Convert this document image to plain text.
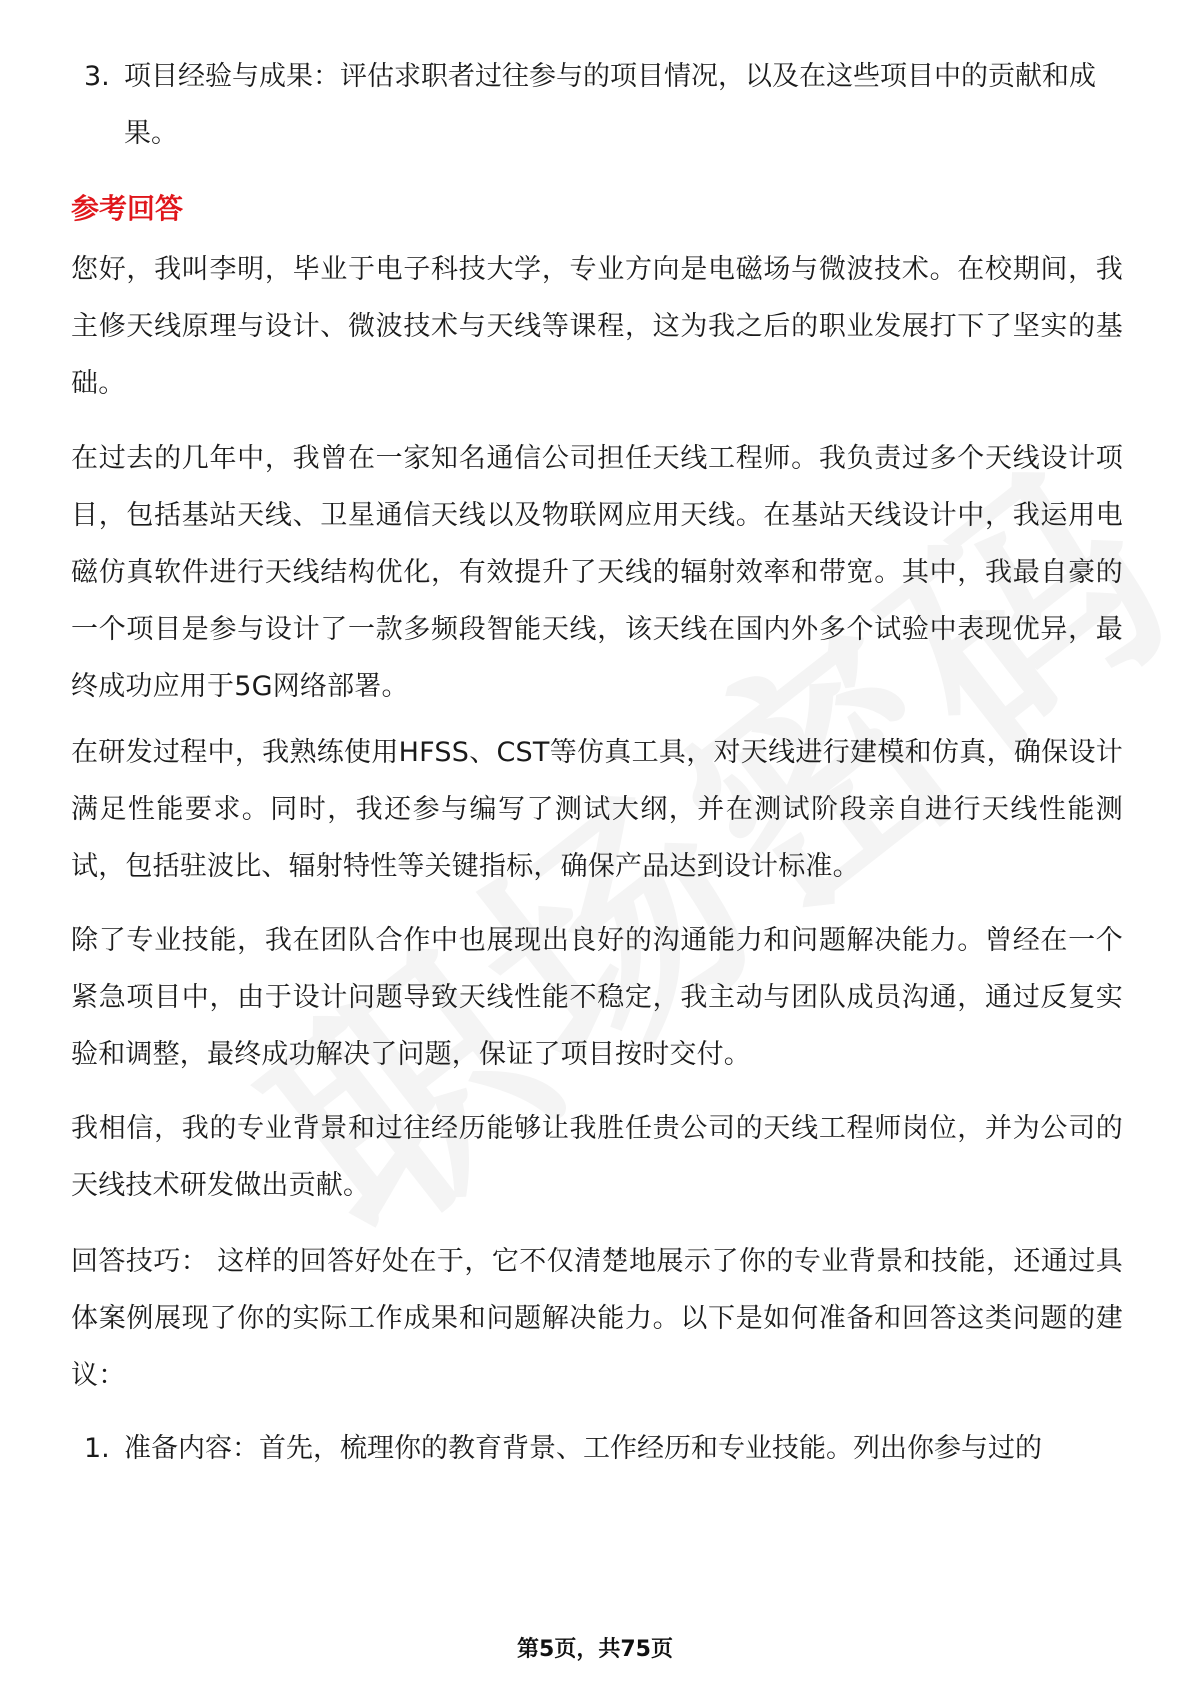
3. 项目经验与成果：评估求职者过往参与的项目情况，以及在这些项目中的贡献和成果。
参考回答
您好，我叫李明，毕业于电子科技大学，专业方向是电磁场与微波技术。在校期间，我主修天线原理与设计、微波技术与天线等课程，这为我之后的职业发展打下了坚实的基础。
在过去的几年中，我曾在一家知名通信公司担任天线工程师。我负责过多个天线设计项目，包括基站天线、卫星通信天线以及物联网应用天线。在基站天线设计中，我运用电磁仿真软件进行天线结构优化，有效提升了天线的辐射效率和带宽。其中，我最自豪的一个项目是参与设计了一款多频段智能天线，该天线在国内外多个试验中表现优异，最终成功应用于5G网络部署。
在研发过程中，我熟练使用HFSS、CST等仿真工具，对天线进行建模和仿真，确保设计满足性能要求。同时，我还参与编写了测试大纲，并在测试阶段亲自进行天线性能测试，包括驻波比、辐射特性等关键指标，确保产品达到设计标准。
除了专业技能，我在团队合作中也展现出良好的沟通能力和问题解决能力。曾经在一个紧急项目中，由于设计问题导致天线性能不稳定，我主动与团队成员沟通，通过反复实验和调整，最终成功解决了问题，保证了项目按时交付。
我相信，我的专业背景和过往经历能够让我胜任贵公司的天线工程师岗位，并为公司的天线技术研发做出贡献。
回答技巧： 这样的回答好处在于，它不仅清楚地展示了你的专业背景和技能，还通过具体案例展现了你的实际工作成果和问题解决能力。以下是如何准备和回答这类问题的建议：
1. 准备内容：首先，梳理你的教育背景、工作经历和专业技能。列出你参与过的
第5页，共75页
